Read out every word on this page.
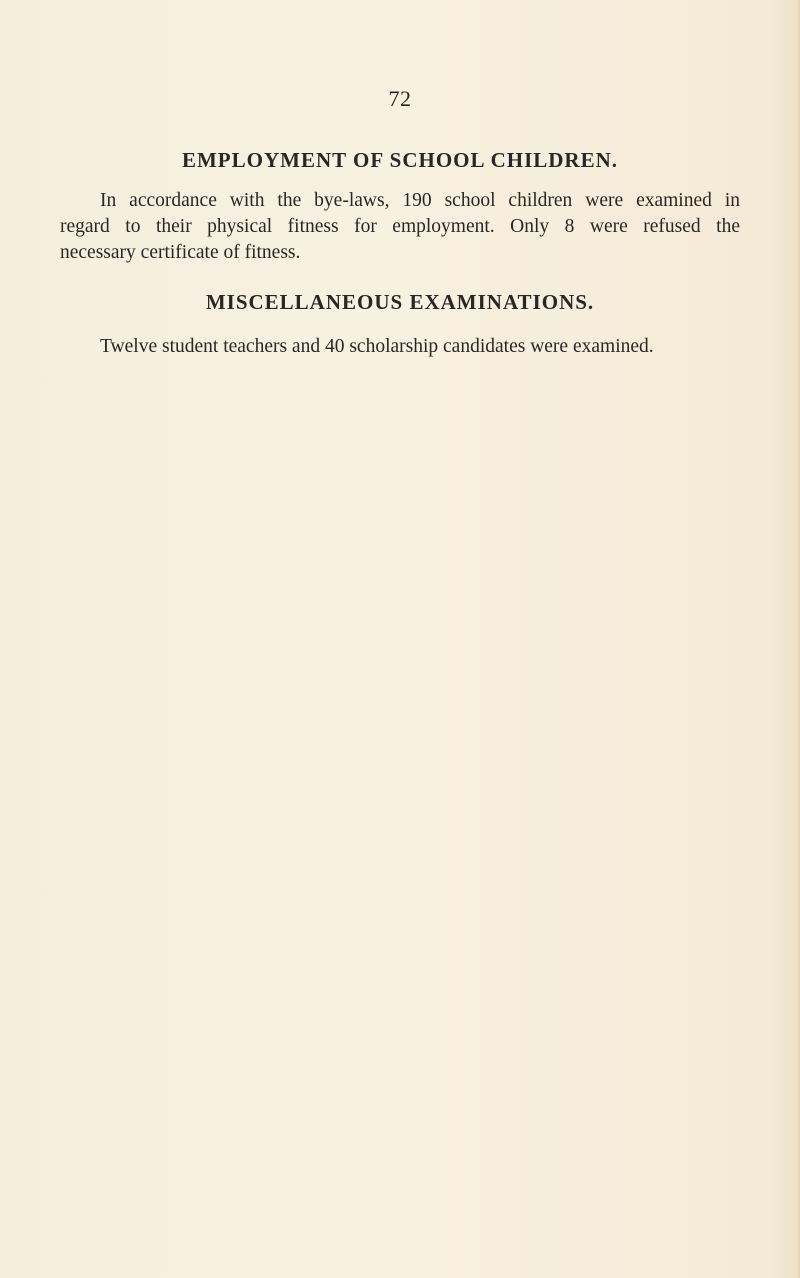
72
EMPLOYMENT OF SCHOOL CHILDREN.
In accordance with the bye-laws, 190 school children were examined in
regard to their physical fitness for employment. Only 8 were refused the
necessary certificate of fitness.
MISCELLANEOUS EXAMINATIONS.
Twelve student teachers and 40 scholarship candidates were examined.
